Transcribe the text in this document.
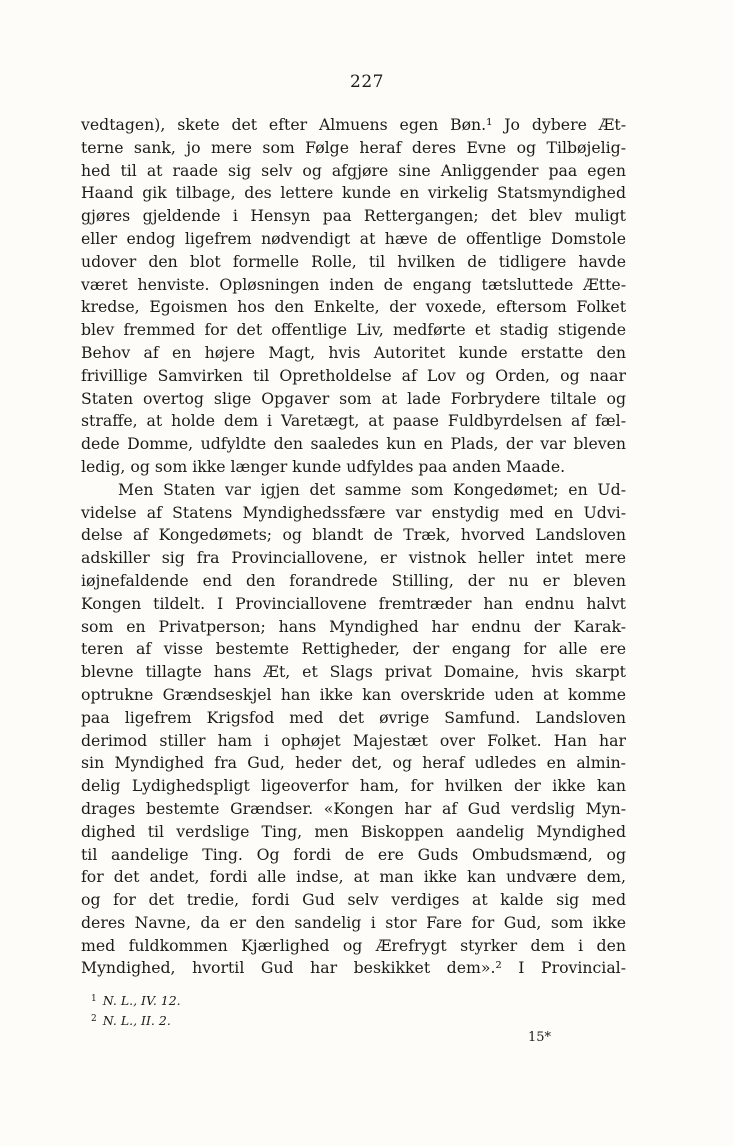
227
vedtagen), skete det efter Almuens egen Bøn.¹ Jo dybere Æt-
terne sank, jo mere som Følge heraf deres Evne og Tilbøjelig-
hed til at raade sig selv og afgjøre sine Anliggender paa egen
Haand gik tilbage, des lettere kunde en virkelig Statsmyndighed
gjøres gjeldende i Hensyn paa Rettergangen; det blev muligt
eller endog ligefrem nødvendigt at hæve de offentlige Domstole
udover den blot formelle Rolle, til hvilken de tidligere havde
været henviste. Opløsningen inden de engang tætsluttede Ætte-
kredse, Egoismen hos den Enkelte, der voxede, eftersom Folket
blev fremmed for det offentlige Liv, medførte et stadig stigende
Behov af en højere Magt, hvis Autoritet kunde erstatte den
frivillige Samvirken til Opretholdelse af Lov og Orden, og naar
Staten overtog slige Opgaver som at lade Forbrydere tiltale og
straffe, at holde dem i Varetægt, at paase Fuldbyrdelsen af fæl-
dede Domme, udfyldte den saaledes kun en Plads, der var bleven
ledig, og som ikke længer kunde udfyldes paa anden Maade.
Men Staten var igjen det samme som Kongedømet; en Ud-
videlse af Statens Myndighedssfære var enstydig med en Udvi-
delse af Kongedømets; og blandt de Træk, hvorved Landsloven
adskiller sig fra Provinciallovene, er vistnok heller intet mere
iøjnefaldende end den forandrede Stilling, der nu er bleven
Kongen tildelt. I Provinciallovene fremtræder han endnu halvt
som en Privatperson; hans Myndighed har endnu der Karak-
teren af visse bestemte Rettigheder, der engang for alle ere
blevne tillagte hans Æt, et Slags privat Domaine, hvis skarpt
optrukne Grændseskjel han ikke kan overskride uden at komme
paa ligefrem Krigsfod med det øvrige Samfund. Landsloven
derimod stiller ham i ophøjet Majestæt over Folket. Han har
sin Myndighed fra Gud, heder det, og heraf udledes en almin-
delig Lydighedspligt ligeoverfor ham, for hvilken der ikke kan
drages bestemte Grændser. «Kongen har af Gud verdslig Myn-
dighed til verdslige Ting, men Biskoppen aandelig Myndighed
til aandelige Ting. Og fordi de ere Guds Ombudsmænd, og
for det andet, fordi alle indse, at man ikke kan undvære dem,
og for det tredie, fordi Gud selv verdiges at kalde sig med
deres Navne, da er den sandelig i stor Fare for Gud, som ikke
med fuldkommen Kjærlighed og Ærefrygt styrker dem i den
Myndighed, hvortil Gud har beskikket dem».² I Provincial-
$^1$ N. L., IV. 12.
$^2$ N. L., II. 2.
15*
